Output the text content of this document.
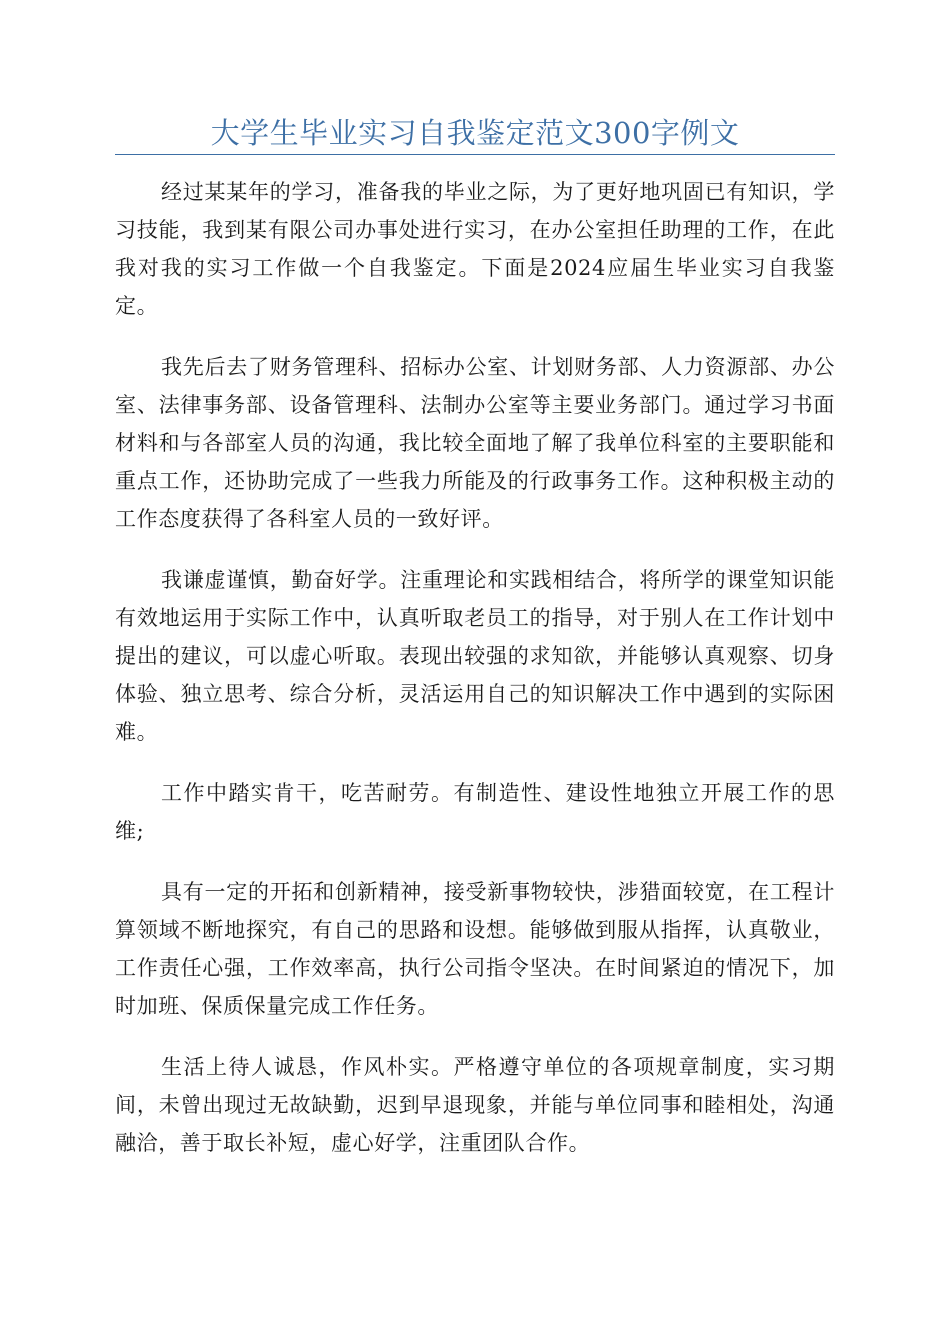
大学生毕业实习自我鉴定范文300字例文

经过某某年的学习，准备我的毕业之际，为了更好地巩固已有知识，学习技能，我到某有限公司办事处进行实习，在办公室担任助理的工作，在此我对我的实习工作做一个自我鉴定。下面是2024应届生毕业实习自我鉴定。

我先后去了财务管理科、招标办公室、计划财务部、人力资源部、办公室、法律事务部、设备管理科、法制办公室等主要业务部门。通过学习书面材料和与各部室人员的沟通，我比较全面地了解了我单位科室的主要职能和重点工作，还协助完成了一些我力所能及的行政事务工作。这种积极主动的工作态度获得了各科室人员的一致好评。

我谦虚谨慎，勤奋好学。注重理论和实践相结合，将所学的课堂知识能有效地运用于实际工作中，认真听取老员工的指导，对于别人在工作计划中提出的建议，可以虚心听取。表现出较强的求知欲，并能够认真观察、切身体验、独立思考、综合分析，灵活运用自己的知识解决工作中遇到的实际困难。

工作中踏实肯干，吃苦耐劳。有制造性、建设性地独立开展工作的思维;

具有一定的开拓和创新精神，接受新事物较快，涉猎面较宽，在工程计算领域不断地探究，有自己的思路和设想。能够做到服从指挥，认真敬业，工作责任心强，工作效率高，执行公司指令坚决。在时间紧迫的情况下，加时加班、保质保量完成工作任务。

生活上待人诚恳，作风朴实。严格遵守单位的各项规章制度，实习期间，未曾出现过无故缺勤，迟到早退现象，并能与单位同事和睦相处，沟通融洽，善于取长补短，虚心好学，注重团队合作。
